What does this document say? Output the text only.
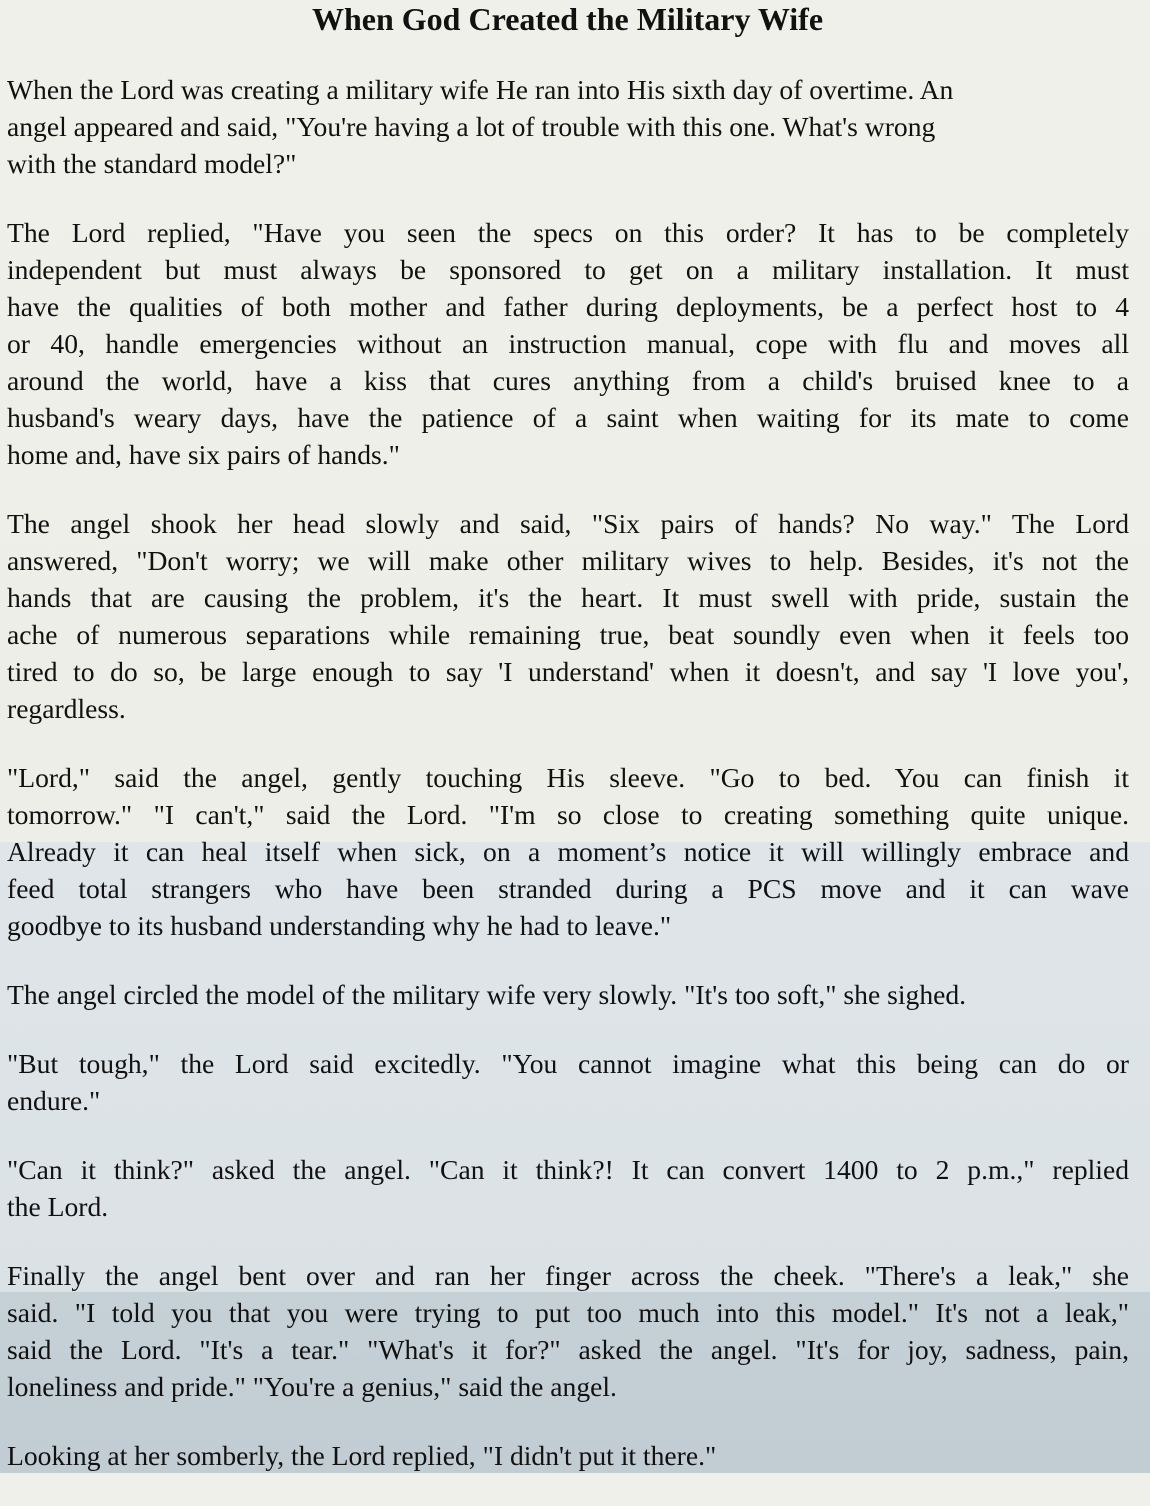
When God Created the Military Wife
When the Lord was creating a military wife He ran into His sixth day of overtime. An
angel appeared and said, "You're having a lot of trouble with this one. What's wrong
with the standard model?"
The Lord replied, "Have you seen the specs on this order? It has to be completely
independent but must always be sponsored to get on a military installation. It must
have the qualities of both mother and father during deployments, be a perfect host to 4
or 40, handle emergencies without an instruction manual, cope with flu and moves all
around the world, have a kiss that cures anything from a child's bruised knee to a
husband's weary days, have the patience of a saint when waiting for its mate to come
home and, have six pairs of hands."
The angel shook her head slowly and said, "Six pairs of hands? No way." The Lord
answered, "Don't worry; we will make other military wives to help. Besides, it's not the
hands that are causing the problem, it's the heart. It must swell with pride, sustain the
ache of numerous separations while remaining true, beat soundly even when it feels too
tired to do so, be large enough to say 'I understand' when it doesn't, and say 'I love you',
regardless.
"Lord," said the angel, gently touching His sleeve. "Go to bed. You can finish it
tomorrow." "I can't," said the Lord. "I'm so close to creating something quite unique.
Already it can heal itself when sick, on a moment’s notice it will willingly embrace and
feed total strangers who have been stranded during a PCS move and it can wave
goodbye to its husband understanding why he had to leave."
The angel circled the model of the military wife very slowly. "It's too soft," she sighed.
"But tough," the Lord said excitedly. "You cannot imagine what this being can do or
endure."
"Can it think?" asked the angel. "Can it think?! It can convert 1400 to 2 p.m.," replied
the Lord.
Finally the angel bent over and ran her finger across the cheek. "There's a leak," she
said. "I told you that you were trying to put too much into this model." It's not a leak,"
said the Lord. "It's a tear." "What's it for?" asked the angel. "It's for joy, sadness, pain,
loneliness and pride." "You're a genius," said the angel.
Looking at her somberly, the Lord replied, "I didn't put it there."
